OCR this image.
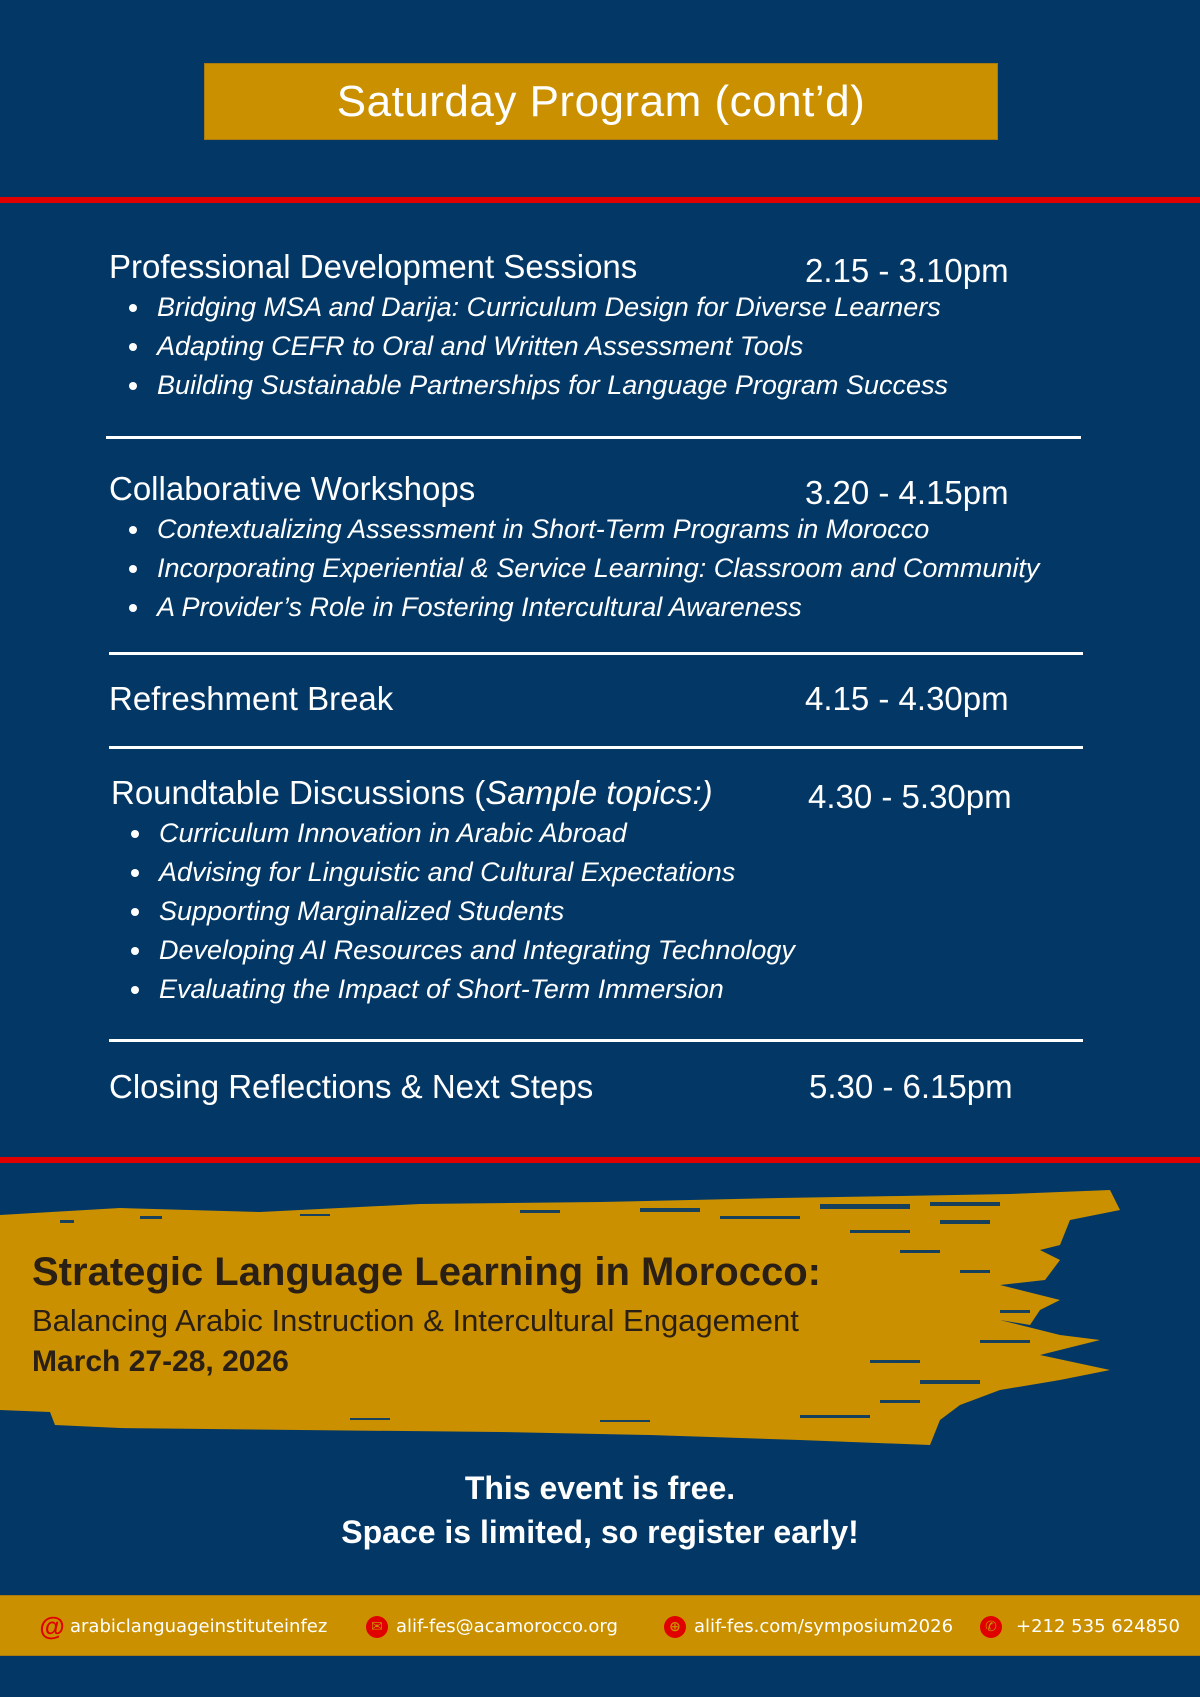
Saturday Program (cont’d)
Professional Development Sessions	2.15 - 3.10pm
Bridging MSA and Darija: Curriculum Design for Diverse Learners
Adapting CEFR to Oral and Written Assessment Tools
Building Sustainable Partnerships for Language Program Success
Collaborative Workshops	3.20 - 4.15pm
Contextualizing Assessment in Short-Term Programs in Morocco
Incorporating Experiential & Service Learning: Classroom and Community
A Provider’s Role in Fostering Intercultural Awareness
Refreshment Break	4.15 - 4.30pm
Roundtable Discussions (Sample topics:)	4.30 - 5.30pm
Curriculum Innovation in Arabic Abroad
Advising for Linguistic and Cultural Expectations
Supporting Marginalized Students
Developing AI Resources and Integrating Technology
Evaluating the Impact of Short-Term Immersion
Closing Reflections & Next Steps	5.30 - 6.15pm
Strategic Language Learning in Morocco:
Balancing Arabic Instruction & Intercultural Engagement
March 27-28, 2026
This event is free.
Space is limited, so register early!
@ arabiclanguageinstituteinfez	✉ alif-fes@acamorocco.org	⊕ alif-fes.com/symposium2026	✆ +212 535 624850
